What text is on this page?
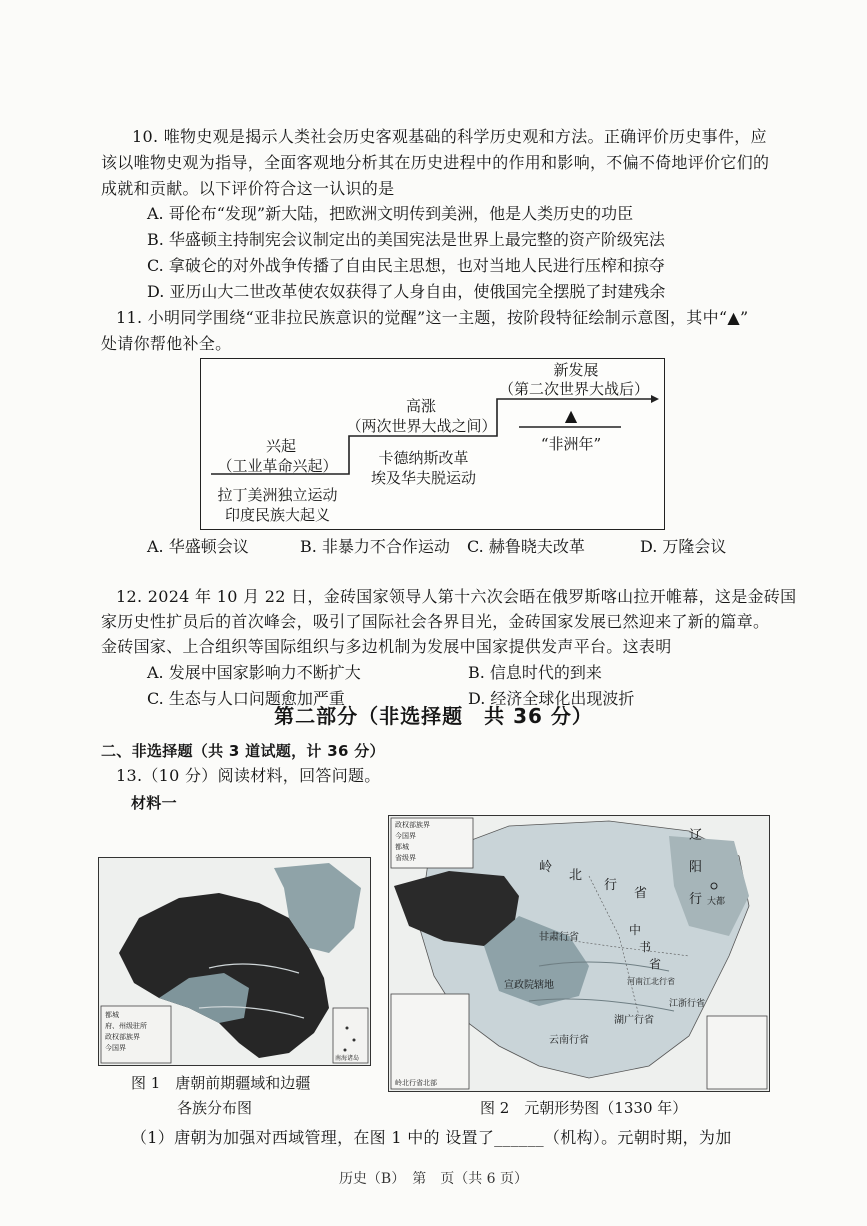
10. 唯物史观是揭示人类社会历史客观基础的科学历史观和方法。正确评价历史事件，应
该以唯物史观为指导，全面客观地分析其在历史进程中的作用和影响，不偏不倚地评价它们的
成就和贡献。以下评价符合这一认识的是
A. 哥伦布“发现”新大陆，把欧洲文明传到美洲，他是人类历史的功臣
B. 华盛顿主持制宪会议制定出的美国宪法是世界上最完整的资产阶级宪法
C. 拿破仑的对外战争传播了自由民主思想，也对当地人民进行压榨和掠夺
D. 亚历山大二世改革使农奴获得了人身自由，使俄国完全摆脱了封建残余
11. 小明同学围绕“亚非拉民族意识的觉醒”这一主题，按阶段特征绘制示意图，其中“▲”
处请你帮他补全。
兴起
（工业革命兴起）
拉丁美洲独立运动
印度民族大起义
高涨
（两次世界大战之间）
卡德纳斯改革
埃及华夫脱运动
新发展
（第二次世界大战后）
▲
“非洲年”
A. 华盛顿会议	B. 非暴力不合作运动 C. 赫鲁晓夫改革	D. 万隆会议
12. 2024 年 10 月 22 日，金砖国家领导人第十六次会晤在俄罗斯喀山拉开帷幕，这是金砖国
家历史性扩员后的首次峰会，吸引了国际社会各界目光，金砖国家发展已然迎来了新的篇章。
金砖国家、上合组织等国际组织与多边机制为发展中国家提供发声平台。这表明
A. 发展中国家影响力不断扩大	B. 信息时代的到来
C. 生态与人口问题愈加严重	D. 经济全球化出现波折
第二部分（非选择题　共 36 分）
二、非选择题（共 3 道试题，计 36 分）
13.（10 分）阅读材料，回答问题。
材料一
都城
府、州级驻所
政权部族界
今国界
南海诸岛
图 1　唐朝前期疆域和边疆
各族分布图
政权部族界
今国界
都城
省级界
岭
北
行
省
辽
阳
行
甘肃行省
中
书
省
宣政院辖地
云南行省
湖广行省
江浙行省
河南江北行省
大都
岭北行省北部
图 2　元朝形势图（1330 年）
（1）唐朝为加强对西域管理，在图 1 中的 设置了______（机构）。元朝时期，为加
历史（B）　第　页（共 6 页）
